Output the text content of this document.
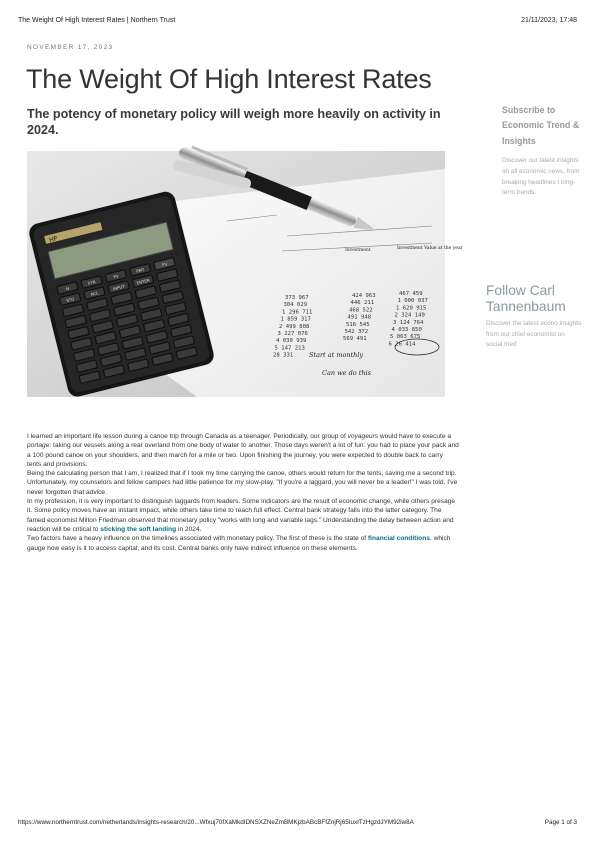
The Weight Of High Interest Rates | Northern Trust	21/11/2023, 17:48
NOVEMBER 17, 2023
The Weight Of High Interest Rates
The potency of monetary policy will weigh more heavily on activity in 2024.
373 967
304 029
1 296 711
1 859 317
2 499 808
3 227 076
4 030 939
5 147 213
28 331
424 963
446 211
468 522
491 948
516 545
542 372
569 491
467 459
1 000 037
1 620 915
2 324 149
3 124 764
4 033 850
5 063 675
6 26 414
Start at monthly
Can we do this
Investment	Investment Value at the year
HP
N
I/YR
PV
PMT
FV
STO
RCL
INPUT
ENTER

I learned an important life lesson during a canoe trip through Canada as a teenager. Periodically, our group of voyageurs would have to execute a portage: taking our vessels along a rear overland from one body of water to another. Those days weren't a lot of fun: you had to place your pack and a 100 pound canoe on your shoulders, and then march for a mile or two. Upon finishing the journey, you were expected to double back to carry tents and provisions.

Being the calculating person that I am, I realized that if I took my time carrying the canoe, others would return for the tents, saving me a second trip. Unfortunately, my counselors and fellow campers had little patience for my slow-play. "If you're a laggard, you will never be a leader!" I was told. I've never forgotten that advice.

In my profession, it is very important to distinguish laggards from leaders. Some indicators are the result of economic change, while others presage it. Some policy moves have an instant impact, while others take time to reach full effect. Central bank strategy falls into the latter category. The famed economist Milton Friedman observed that monetary policy "works with long and variable lags." Understanding the delay between action and reaction will be critical to sticking the soft landing in 2024.

Two factors have a heavy influence on the timelines associated with monetary policy. The first of these is the state of financial conditions, which gauge how easy is it to access capital, and its cost. Central banks only have indirect influence on these elements.

Subscribe to Economic Trend & Insights
Discover our latest insights on all economic news, from breaking headlines t long-term trends.
Follow Carl Tannenbaum
Discover the latest econo insights from our chief economist on social med
https://www.northerntrust.com/netherlands/insights-research/20...Wfxuj70fXaMkdIDNSXZNeZmBMKjzbABcBFfZnjRj65IuxITzHgzdJYM92iw8A	Page 1 of 3
